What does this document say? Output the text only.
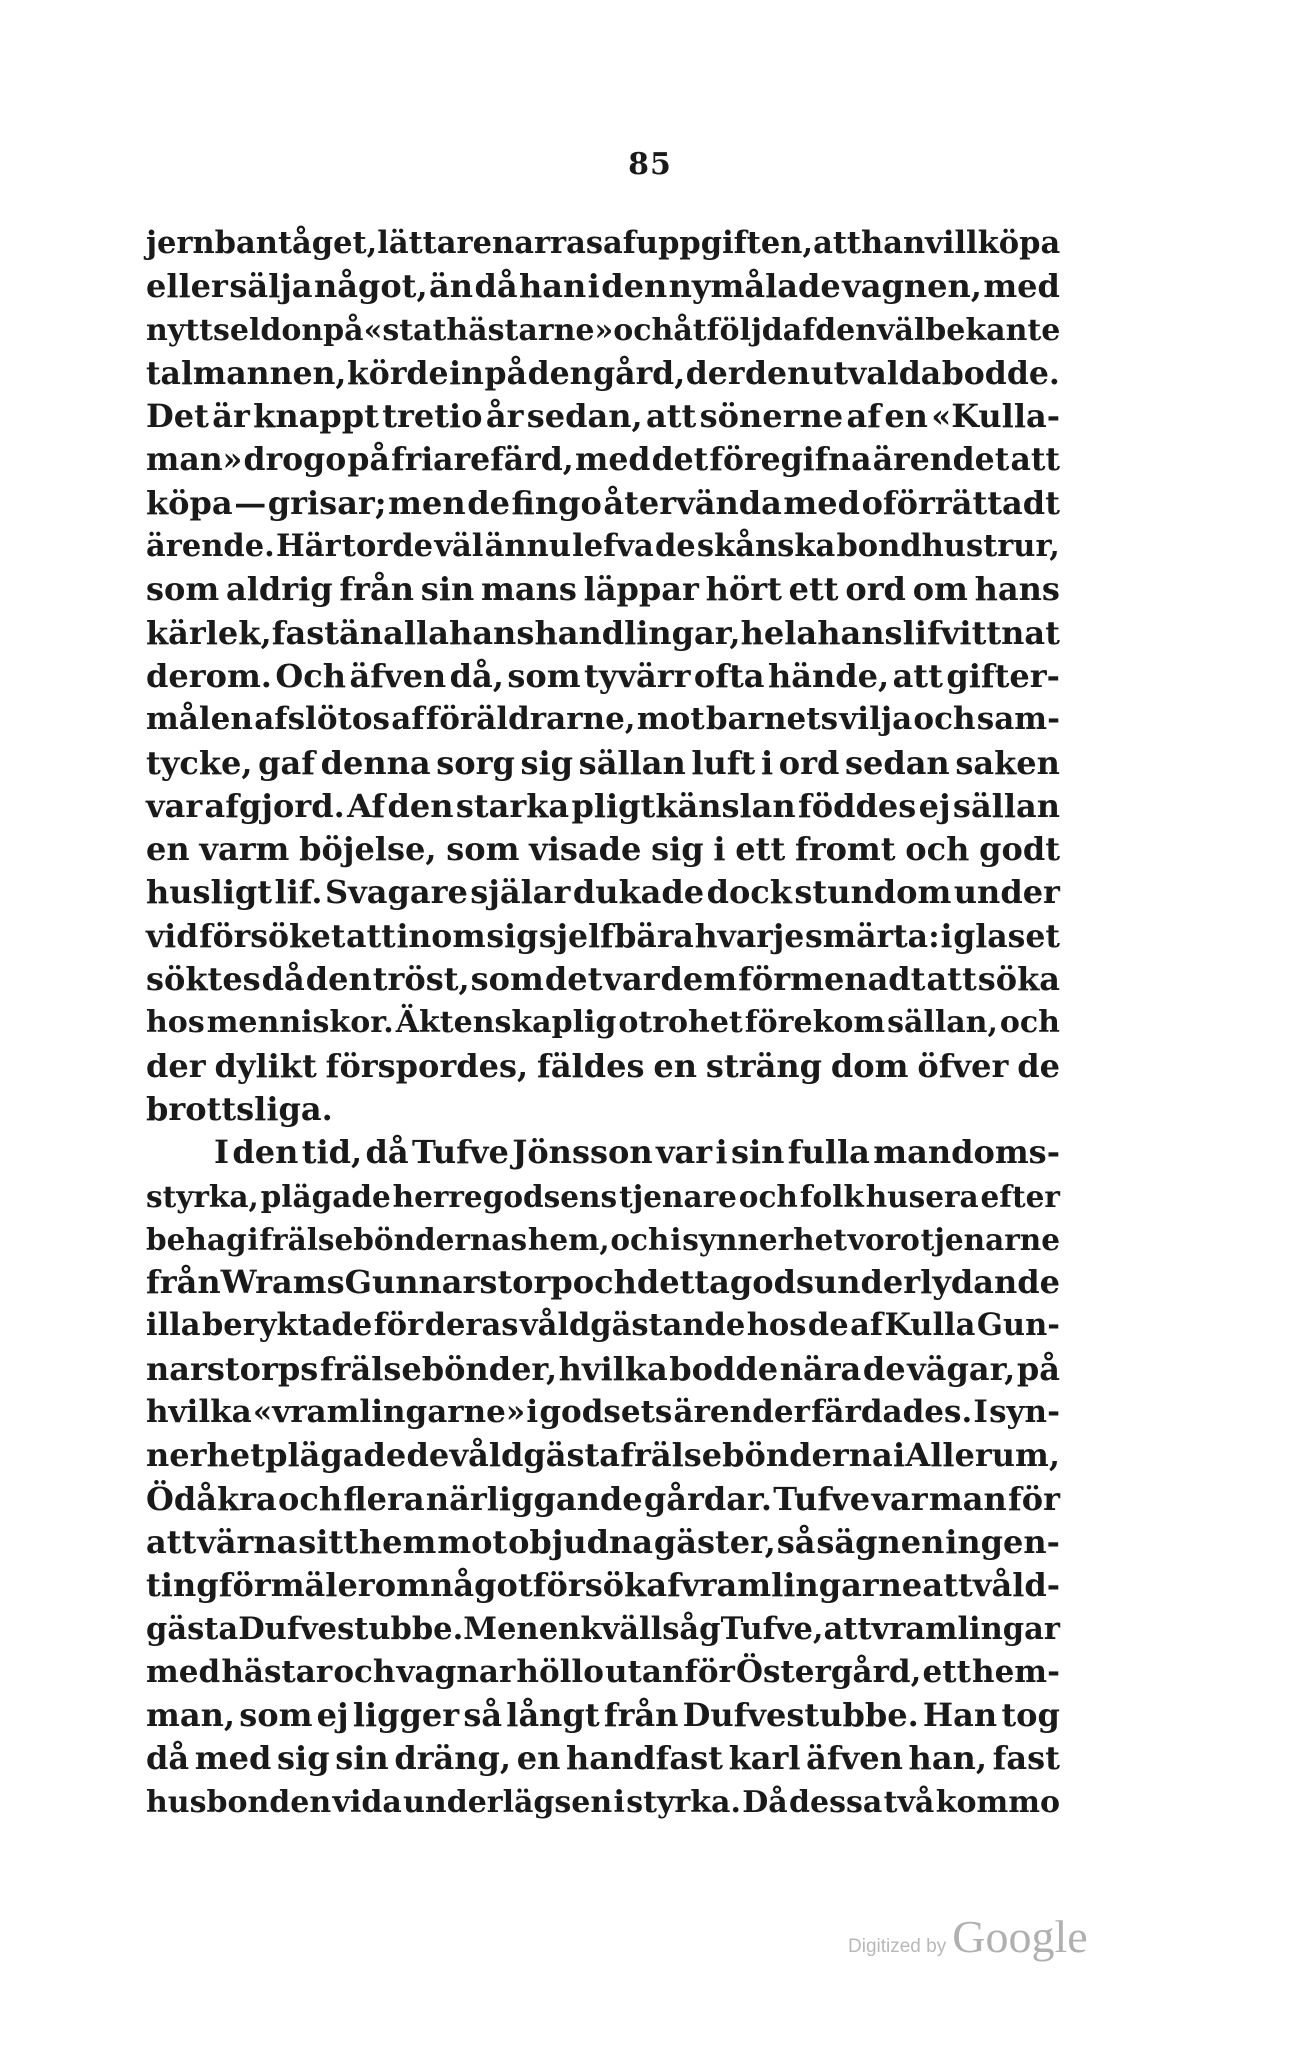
85
jernbantåget, lättare narras af uppgiften, att han vill köpa
eller sälja något, än då han i den nymålade vagnen, med
nytt seldon på «stathästarne» och åtföljd af den välbekante
talmannen, körde in på den gård, der den utvalda bodde.
Det är knappt tretio år sedan, att sönerne af en «Kulla-
man» drogo på friarefärd, med det föregifna ärendet att
köpa — grisar; men de fingo återvända med oförrättadt
ärende. Här torde väl ännu lefva de skånska bondhustrur,
som aldrig från sin mans läppar hört ett ord om hans
kärlek, fastän alla hans handlingar, hela hans lif vittnat
derom. Och äfven då, som tyvärr ofta hände, att gifter-
målen afslötos af föräldrarne, mot barnets vilja och sam-
tycke, gaf denna sorg sig sällan luft i ord sedan saken
var afgjord. Af den starka pligtkänslan föddes ej sällan
en varm böjelse, som visade sig i ett fromt och godt
husligt lif. Svagare själar dukade dock stundom under
vid försöket att inom sig sjelf bära hvarje smärta: i glaset
söktes då den tröst, som det var dem förmenadt att söka
hos menniskor. Äktenskaplig otrohet förekom sällan, och
der dylikt förspordes, fäldes en sträng dom öfver de
brottsliga.
I den tid, då Tufve Jönsson var i sin fulla mandoms-
styrka, plägade herregodsens tjenare och folk husera efter
behag i frälseböndernas hem, och i synnerhet voro tjenarne
från Wrams Gunnarstorp och detta gods underlydande
illa beryktade för deras våldgästande hos de af Kulla Gun-
narstorps frälsebönder, hvilka bodde nära de vägar, på
hvilka «vramlingarne» i godsets ärender färdades. I syn-
nerhet plägade de våldgästa frälsebönderna i Allerum,
Ödåkra och flera närliggande gårdar. Tufve var man för
att värna sitt hem mot objudna gäster, så sägnen ingen-
ting förmäler om något försök af vramlingarne att våld-
gästa Dufvestubbe. Men en kväll såg Tufve, att vramlingar
med hästar och vagnar höllo utanför Östergård, ett hem-
man, som ej ligger så långt från Dufvestubbe. Han tog
då med sig sin dräng, en handfast karl äfven han, fast
husbonden vida underlägsen i styrka. Då dessa två kommo
Digitized by Google
